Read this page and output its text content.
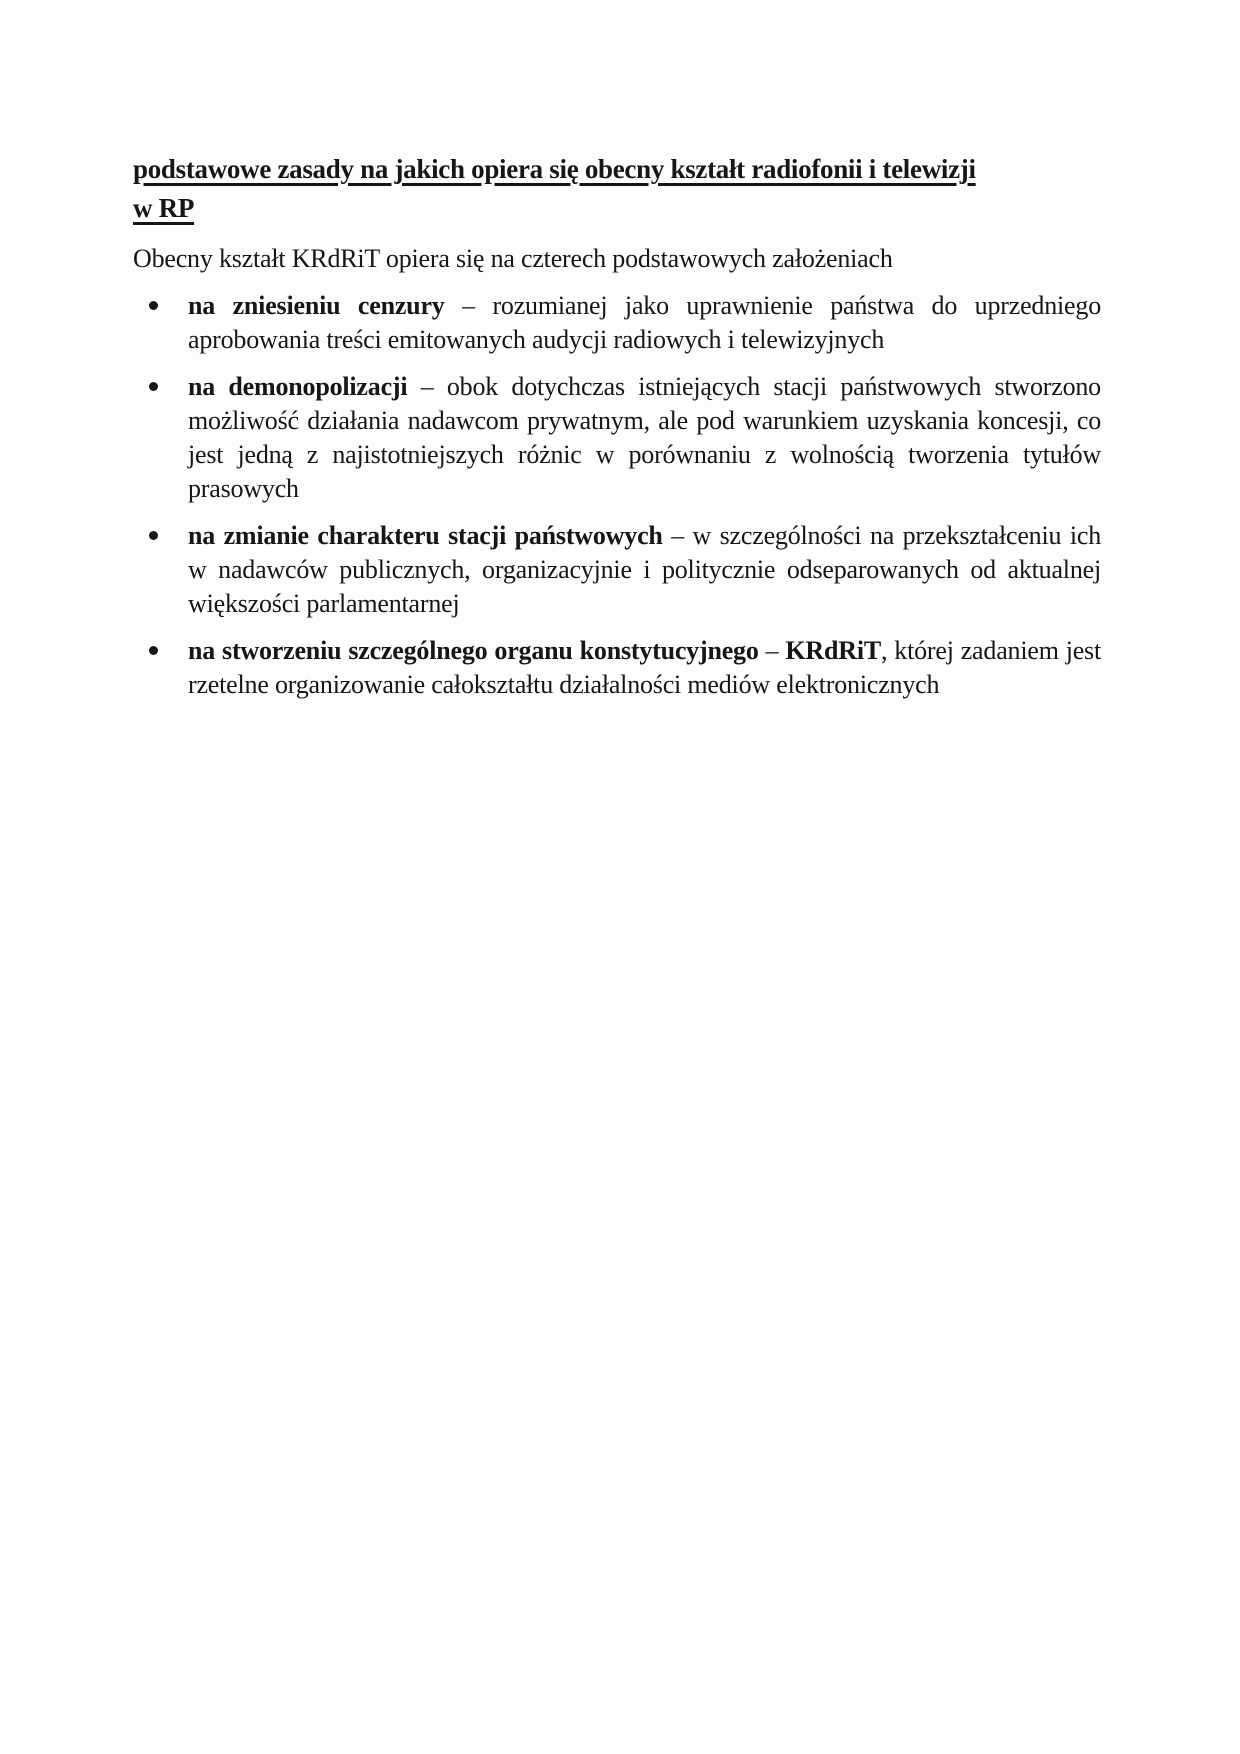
podstawowe zasady na jakich opiera się obecny kształt radiofonii i telewizji
w RP

Obecny kształt KRdRiT opiera się na czterech podstawowych założeniach

na zniesieniu cenzury – rozumianej jako uprawnienie państwa do uprzedniego aprobowania treści emitowanych audycji radiowych i telewizyjnych
na demonopolizacji – obok dotychczas istniejących stacji państwowych stworzono możliwość działania nadawcom prywatnym, ale pod warunkiem uzyskania koncesji, co jest jedną z najistotniejszych różnic w porównaniu z wolnością tworzenia tytułów prasowych
na zmianie charakteru stacji państwowych – w szczególności na przekształceniu ich w nadawców publicznych, organizacyjnie i politycznie odseparowanych od aktualnej większości parlamentarnej
na stworzeniu szczególnego organu konstytucyjnego – KRdRiT, której zadaniem jest rzetelne organizowanie całokształtu działalności mediów elektronicznych
